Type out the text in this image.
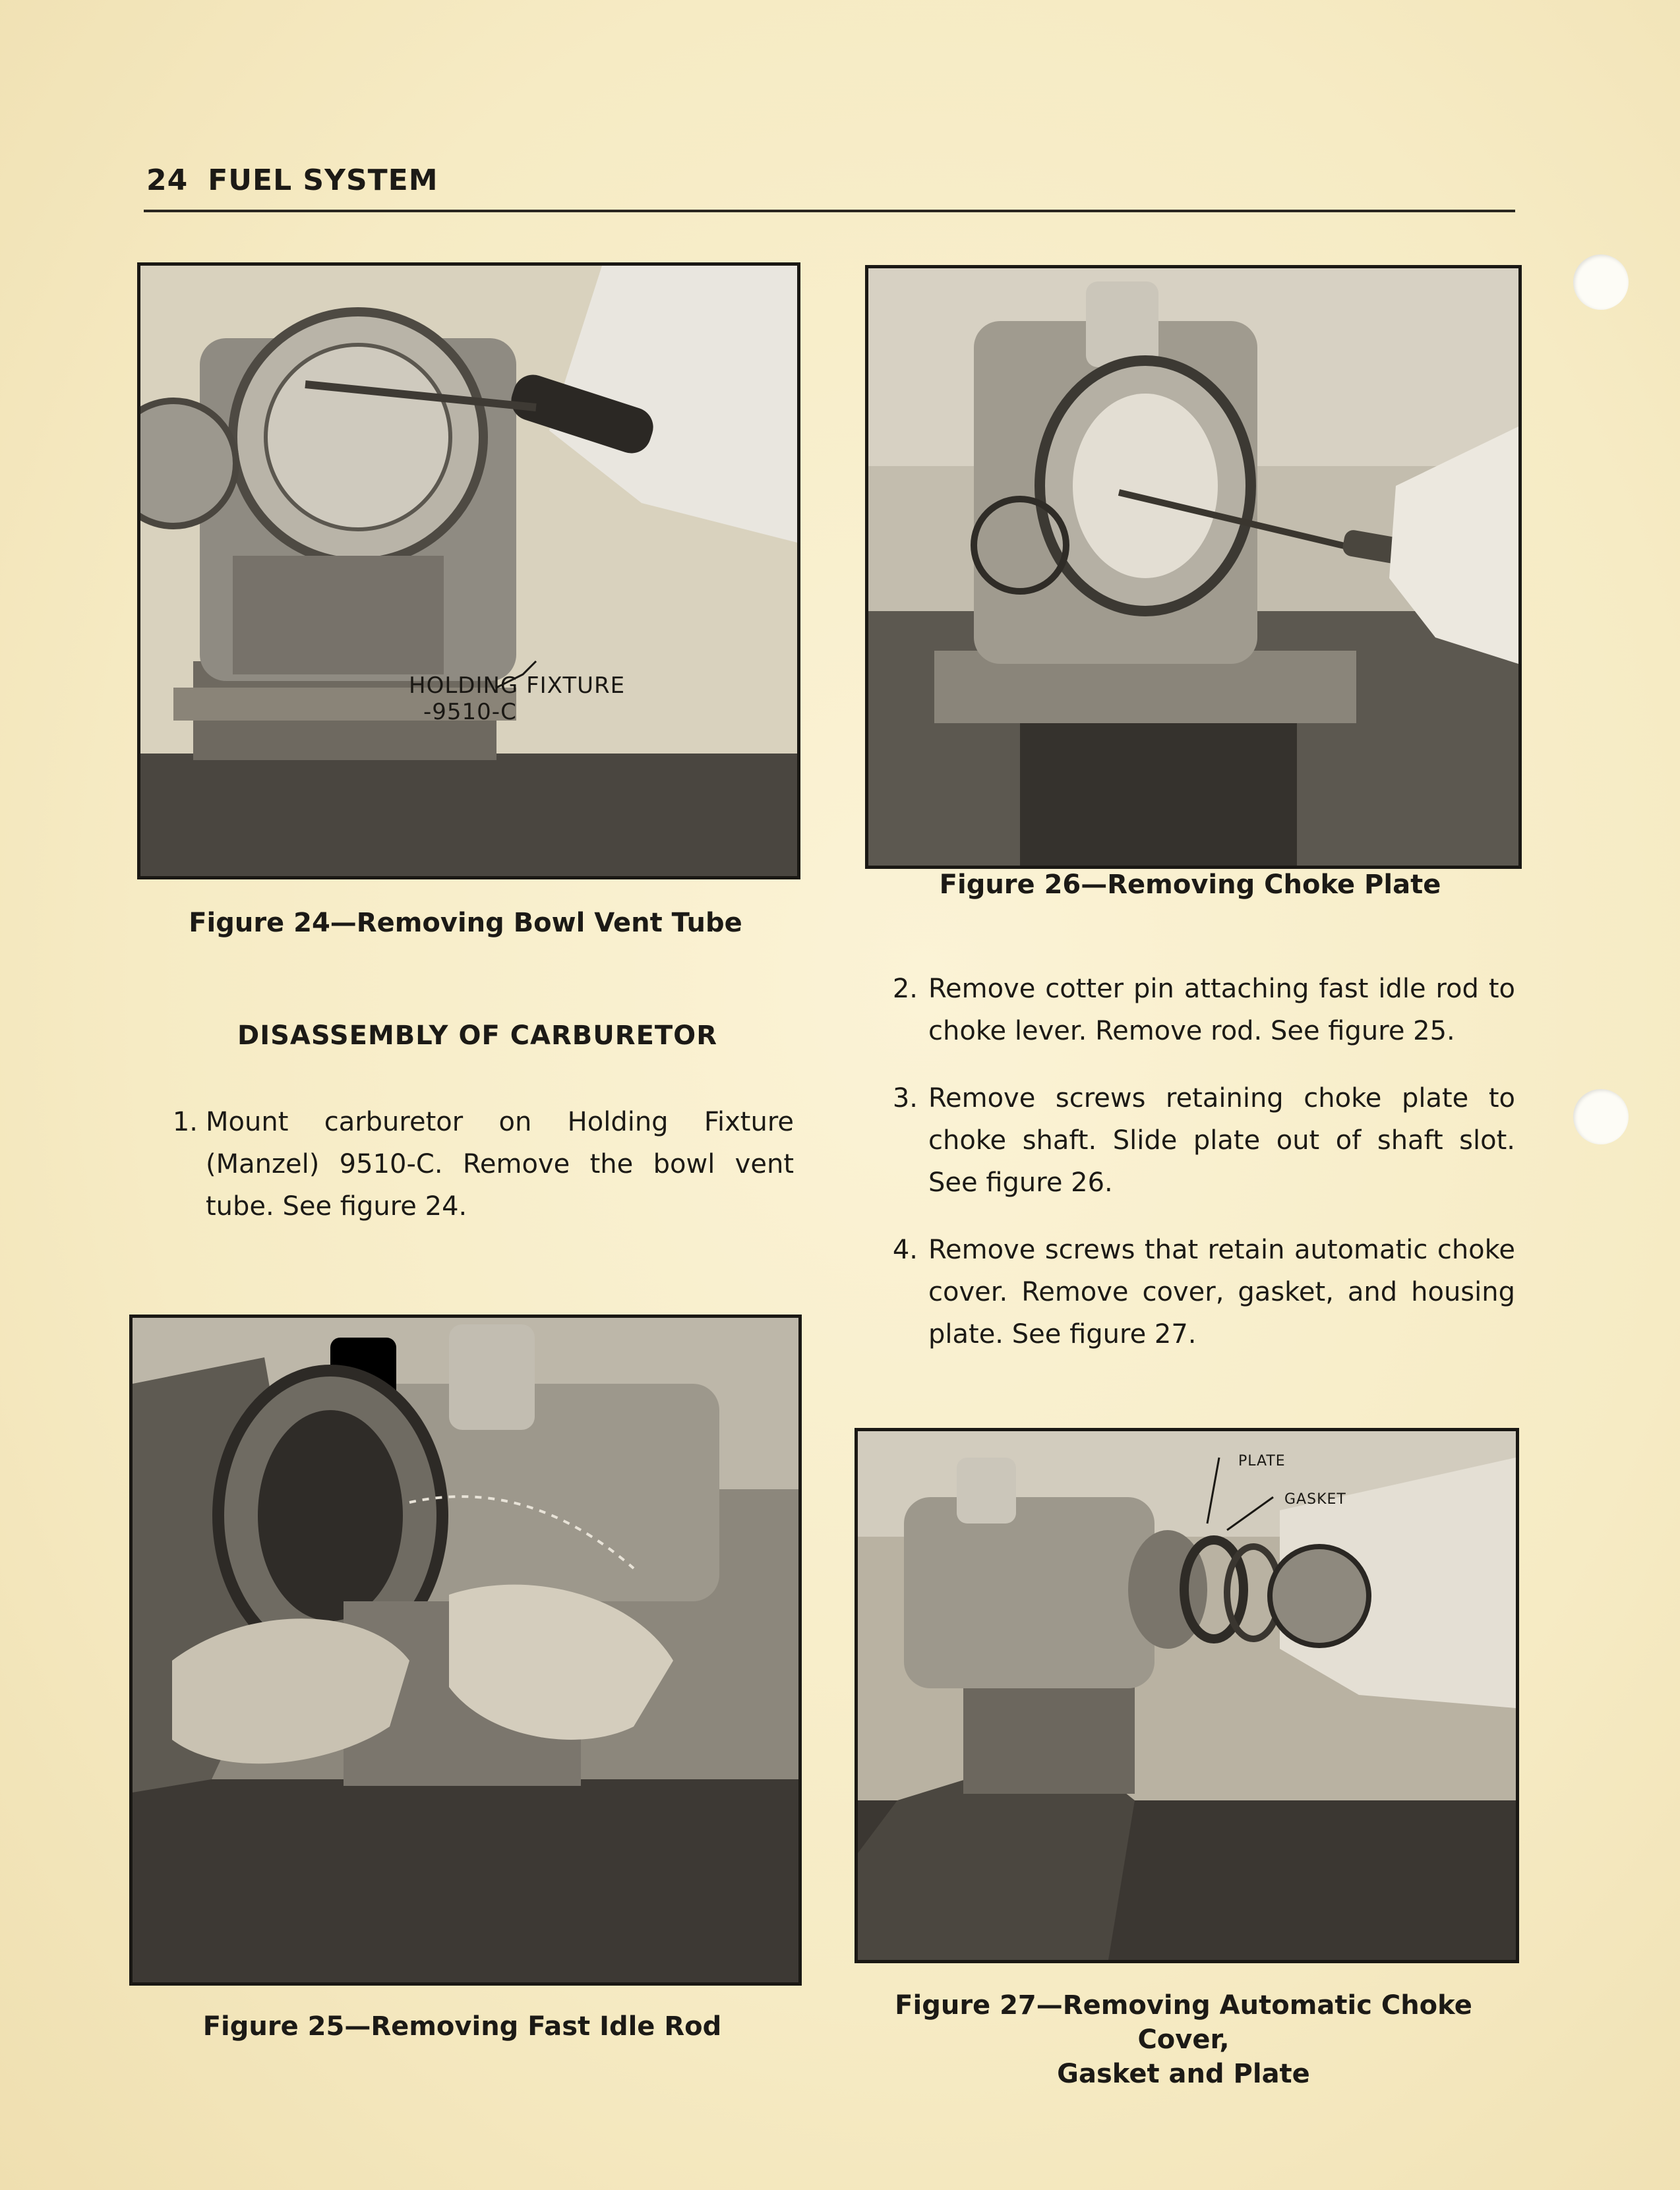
24 FUEL SYSTEM
HOLDING FIXTURE
-9510-C
Figure 24—Removing Bowl Vent Tube
DISASSEMBLY OF CARBURETOR
1. Mount carburetor on Holding Fixture (Manzel) 9510-C. Remove the bowl vent tube. See figure 24.
Figure 25—Removing Fast Idle Rod
Figure 26—Removing Choke Plate
2. Remove cotter pin attaching fast idle rod to choke lever. Remove rod. See figure 25.
3. Remove screws retaining choke plate to choke shaft. Slide plate out of shaft slot. See figure 26.
4. Remove screws that retain automatic choke cover. Remove cover, gasket, and housing plate. See figure 27.
PLATE
GASKET
Figure 27—Removing Automatic Choke Cover,
Gasket and Plate
